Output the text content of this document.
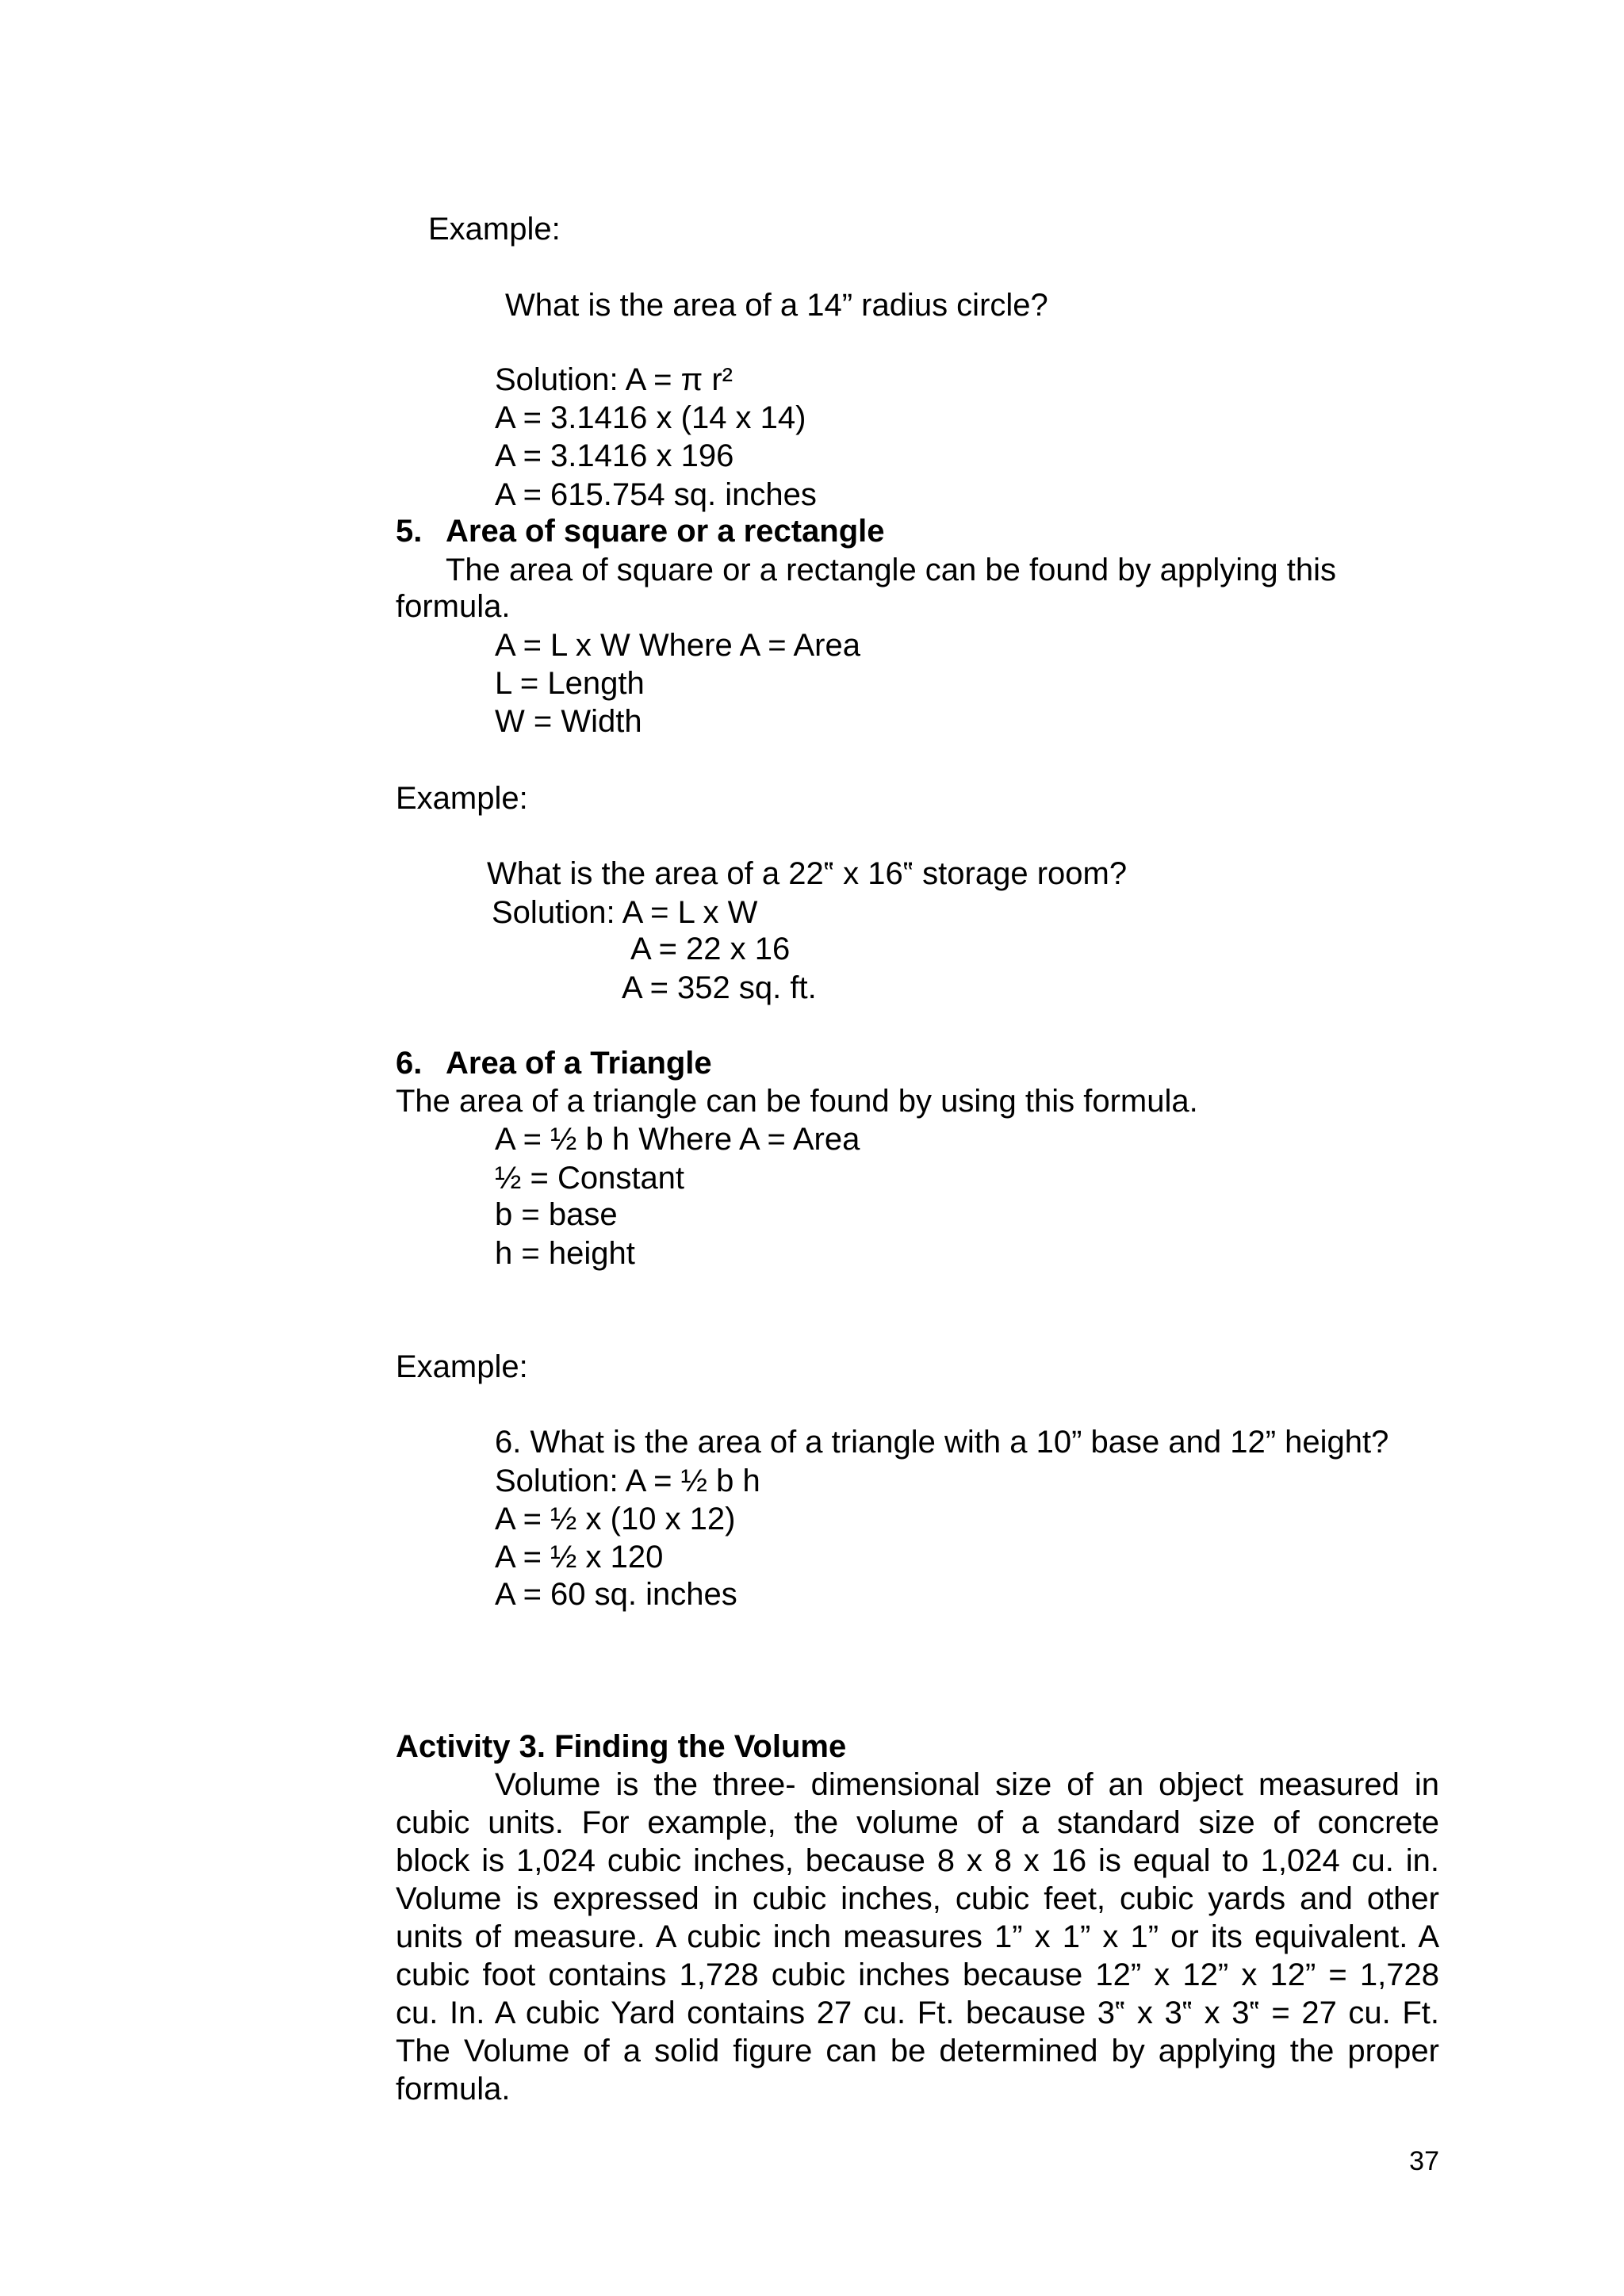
Example:
What is the area of a 14” radius circle?
Solution: A = π r²
A = 3.1416 x (14 x 14)
A = 3.1416 x 196
A = 615.754 sq. inches
5. Area of square or a rectangle
The area of square or a rectangle can be found by applying this
formula.
A = L x W Where A = Area
L = Length
W = Width
Example:
What is the area of a 22‟ x 16‟ storage room?
Solution: A = L x W
A = 22 x 16
A = 352 sq. ft.
6. Area of a Triangle
The area of a triangle can be found by using this formula.
A = ½ b h Where A = Area
½ = Constant
b = base
h = height
Example:
6. What is the area of a triangle with a 10” base and 12” height?
Solution: A = ½ b h
A = ½ x (10 x 12)
A = ½ x 120
A = 60 sq. inches
Activity 3. Finding the Volume
Volume is the three- dimensional size of an object measured in
cubic units. For example, the volume of a standard size of concrete
block is 1,024 cubic inches, because 8 x 8 x 16 is equal to 1,024 cu. in.
Volume is expressed in cubic inches, cubic feet, cubic yards and other
units of measure. A cubic inch measures 1” x 1” x 1” or its equivalent. A
cubic foot contains 1,728 cubic inches because 12” x 12” x 12” = 1,728
cu. In. A cubic Yard contains 27 cu. Ft. because 3‟ x 3‟ x 3‟ = 27 cu. Ft.
The Volume of a solid figure can be determined by applying the proper
formula.
37
